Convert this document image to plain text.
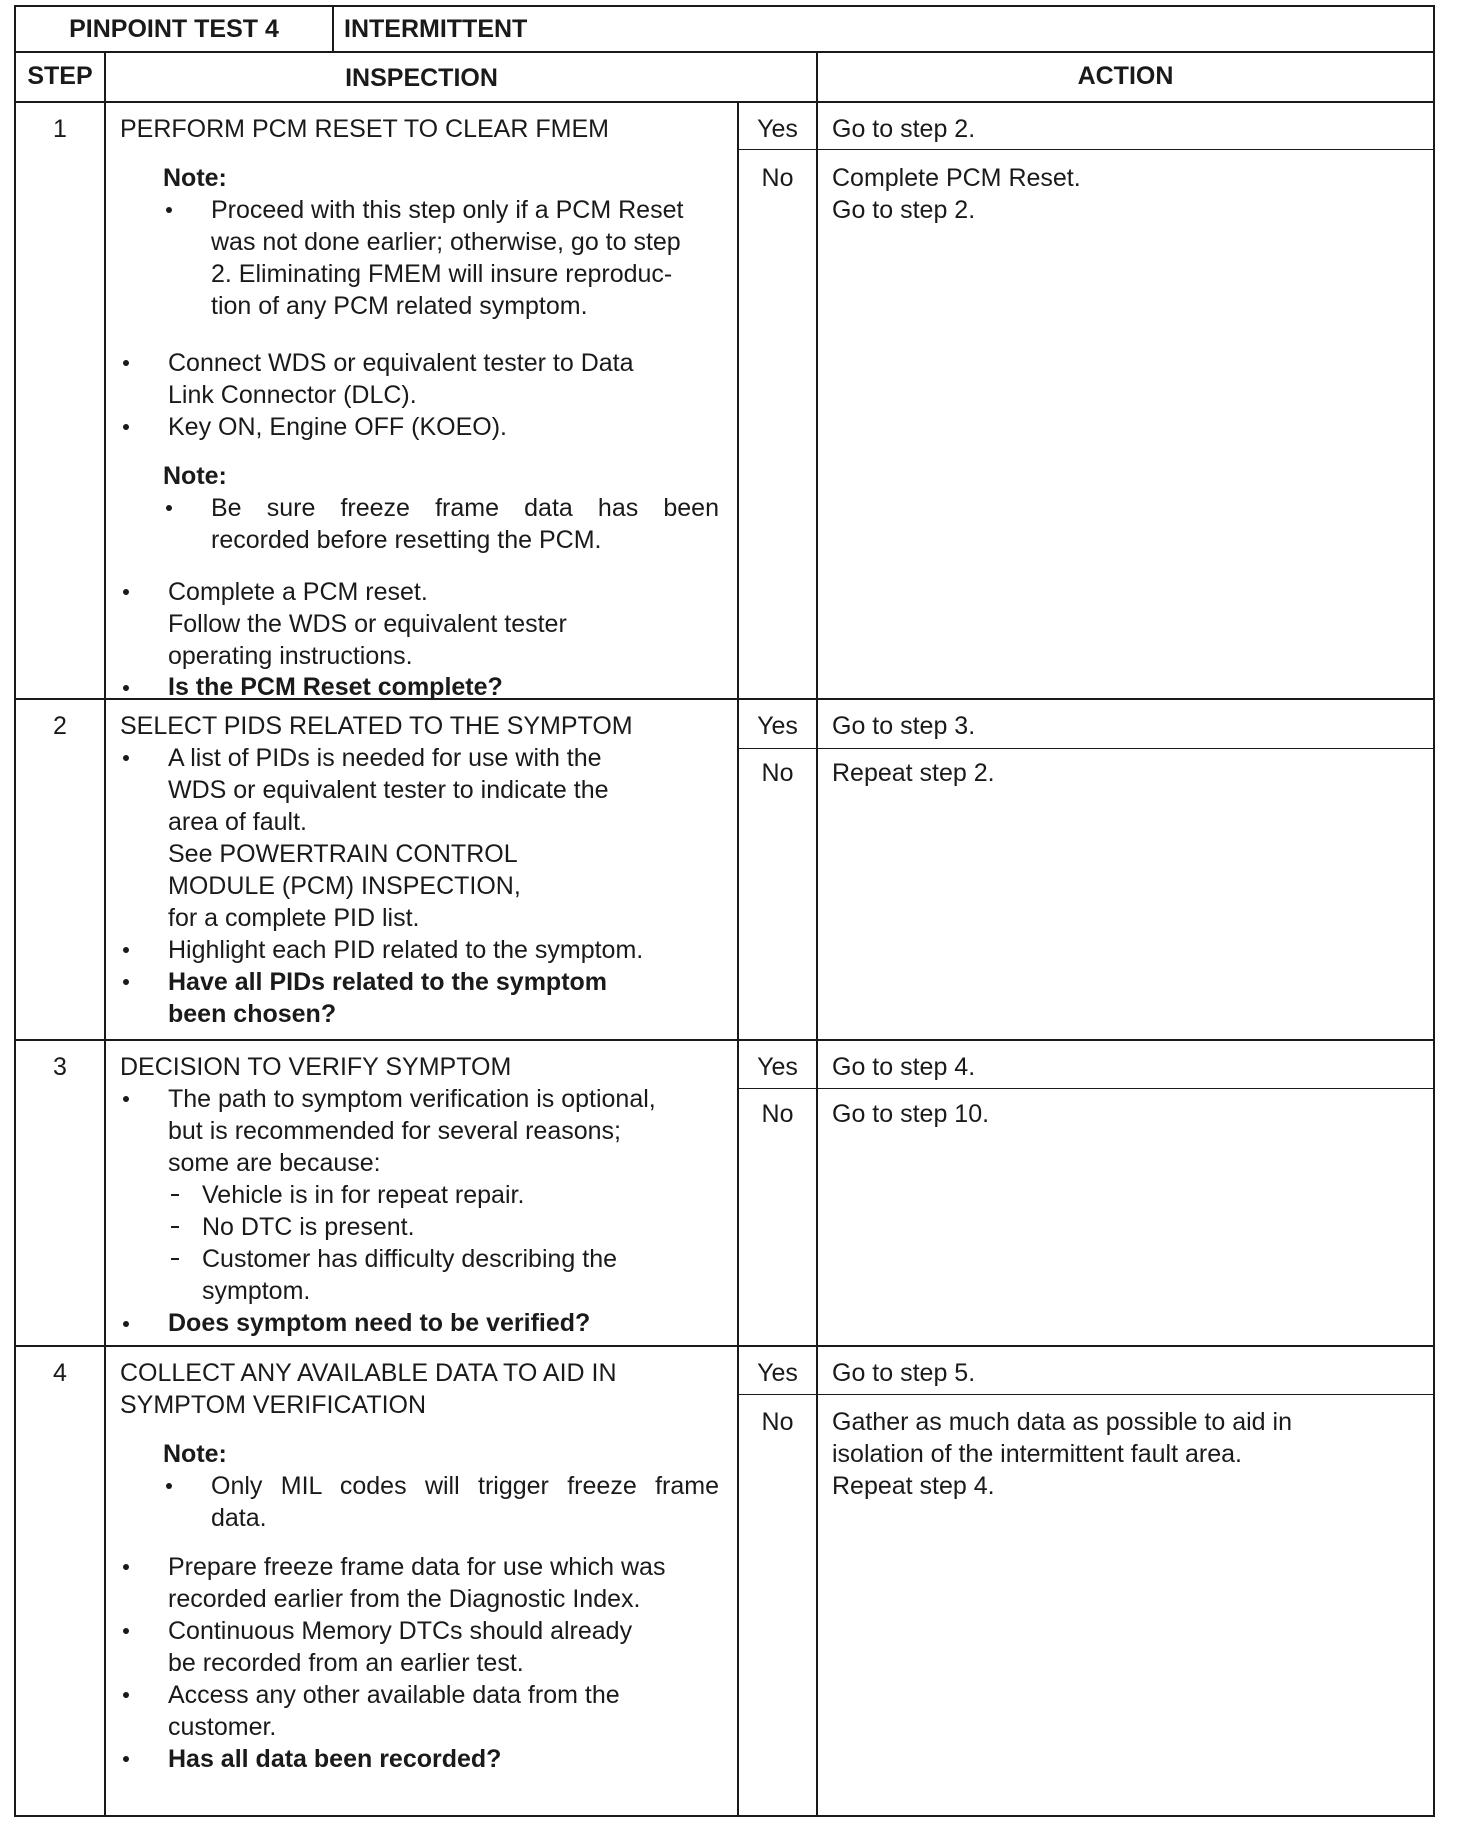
PINPOINT TEST 4	INTERMITTENT
STEP	INSPECTION	ACTION
1	PERFORM PCM RESET TO CLEAR FMEM
Note:
Proceed with this step only if a PCM Reset
was not done earlier; otherwise, go to step
2. Eliminating FMEM will insure reproduc-
tion of any PCM related symptom.
Connect WDS or equivalent tester to Data
Link Connector (DLC).
Key ON, Engine OFF (KOEO).
Note:
Be sure freeze frame data has been
recorded before resetting the PCM.
Complete a PCM reset.
Follow the WDS or equivalent tester
operating instructions.
Is the PCM Reset complete?
Yes	Go to step 2.
No	Complete PCM Reset.
Go to step 2.
2	SELECT PIDS RELATED TO THE SYMPTOM
A list of PIDs is needed for use with the
WDS or equivalent tester to indicate the
area of fault.
See POWERTRAIN CONTROL
MODULE (PCM) INSPECTION,
for a complete PID list.
Highlight each PID related to the symptom.
Have all PIDs related to the symptom
been chosen?
Yes	Go to step 3.
No	Repeat step 2.
3	DECISION TO VERIFY SYMPTOM
The path to symptom verification is optional,
but is recommended for several reasons;
some are because:
Vehicle is in for repeat repair.
No DTC is present.
Customer has difficulty describing the
symptom.
Does symptom need to be verified?
Yes	Go to step 4.
No	Go to step 10.
4	COLLECT ANY AVAILABLE DATA TO AID IN
SYMPTOM VERIFICATION
Note:
Only MIL codes will trigger freeze frame
data.
Prepare freeze frame data for use which was
recorded earlier from the Diagnostic Index.
Continuous Memory DTCs should already
be recorded from an earlier test.
Access any other available data from the
customer.
Has all data been recorded?
Yes	Go to step 5.
No	Gather as much data as possible to aid in
isolation of the intermittent fault area.
Repeat step 4.
